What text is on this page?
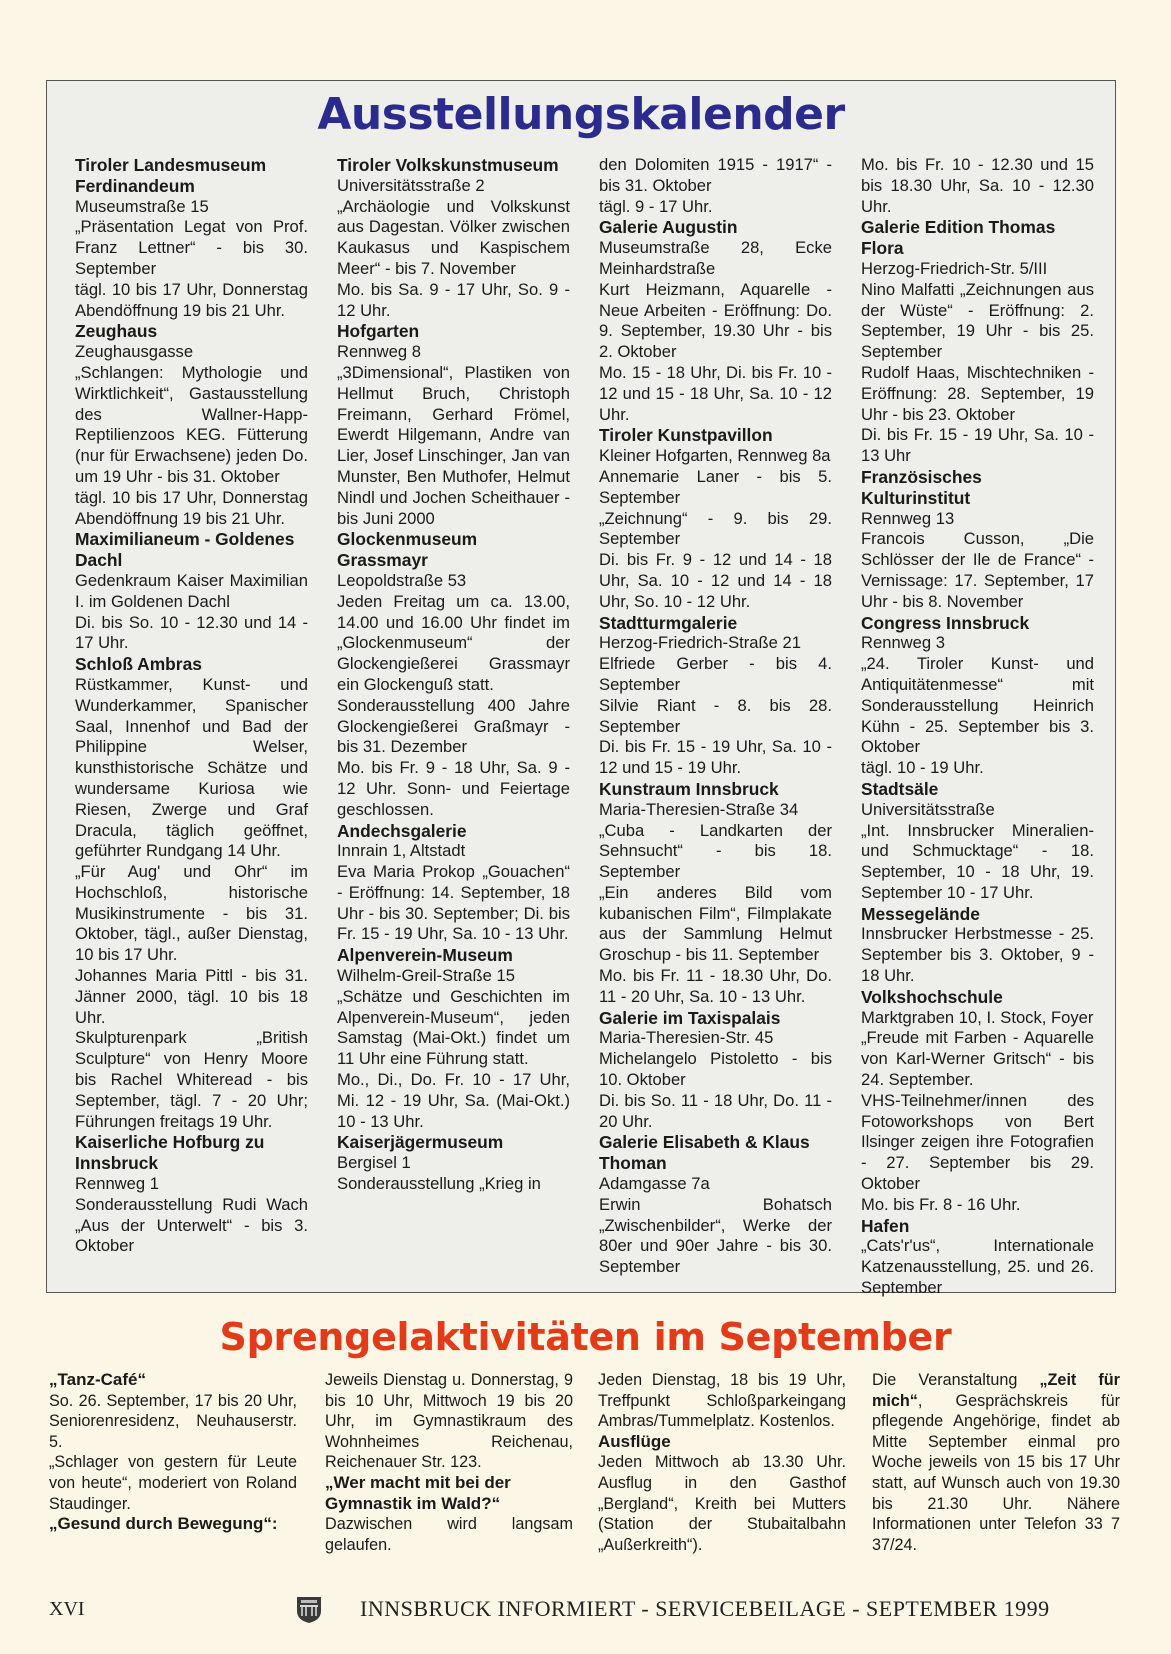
Ausstellungskalender
Tiroler Landesmuseum Ferdinandeum

Museumstraße 15
„Präsentation Legat von Prof. Franz Lettner“ - bis 30. September
tägl. 10 bis 17 Uhr, Donnerstag Abendöffnung 19 bis 21 Uhr.

Zeughaus

Zeughausgasse
„Schlangen: Mythologie und Wirktlichkeit“, Gastausstellung des Wallner-Happ-Reptilienzoos KEG. Fütterung (nur für Erwachsene) jeden Do. um 19 Uhr - bis 31. Oktober
tägl. 10 bis 17 Uhr, Donnerstag Abendöffnung 19 bis 21 Uhr.

Maximilianeum - Goldenes Dachl

Gedenkraum Kaiser Maximilian I. im Goldenen Dachl
Di. bis So. 10 - 12.30 und 14 - 17 Uhr.

Schloß Ambras

Rüstkammer, Kunst- und Wunderkammer, Spanischer Saal, Innenhof und Bad der Philippine Welser, kunsthistorische Schätze und wundersame Kuriosa wie Riesen, Zwerge und Graf Dracula, täglich geöffnet, geführter Rundgang 14 Uhr.
„Für Aug' und Ohr“ im Hochschloß, historische Musikinstrumente - bis 31. Oktober, tägl., außer Dienstag, 10 bis 17 Uhr.
Johannes Maria Pittl - bis 31. Jänner 2000, tägl. 10 bis 18 Uhr.
Skulpturenpark „British Sculpture“ von Henry Moore bis Rachel Whiteread - bis September, tägl. 7 - 20 Uhr; Führungen freitags 19 Uhr.

Kaiserliche Hofburg zu Innsbruck

Rennweg 1
Sonderausstellung Rudi Wach „Aus der Unterwelt“ - bis 3. Oktober

Tiroler Volkskunstmuseum

Universitätsstraße 2
„Archäologie und Volkskunst aus Dagestan. Völker zwischen Kaukasus und Kaspischem Meer“ - bis 7. November
Mo. bis Sa. 9 - 17 Uhr, So. 9 - 12 Uhr.

Hofgarten

Rennweg 8
„3Dimensional“, Plastiken von Hellmut Bruch, Christoph Freimann, Gerhard Frömel, Ewerdt Hilgemann, Andre van Lier, Josef Linschinger, Jan van Munster, Ben Muthofer, Helmut Nindl und Jochen Scheithauer - bis Juni 2000

Glockenmuseum Grassmayr

Leopoldstraße 53
Jeden Freitag um ca. 13.00, 14.00 und 16.00 Uhr findet im „Glockenmuseum“ der Glockengießerei Grassmayr ein Glockenguß statt.
Sonderausstellung 400 Jahre Glockengießerei Graßmayr - bis 31. Dezember
Mo. bis Fr. 9 - 18 Uhr, Sa. 9 - 12 Uhr. Sonn- und Feiertage geschlossen.

Andechsgalerie

Innrain 1, Altstadt
Eva Maria Prokop „Gouachen“ - Eröffnung: 14. September, 18 Uhr - bis 30. September; Di. bis Fr. 15 - 19 Uhr, Sa. 10 - 13 Uhr.

Alpenverein-Museum

Wilhelm-Greil-Straße 15
„Schätze und Geschichten im Alpenverein-Museum“, jeden Samstag (Mai-Okt.) findet um 11 Uhr eine Führung statt.
Mo., Di., Do. Fr. 10 - 17 Uhr, Mi. 12 - 19 Uhr, Sa. (Mai-Okt.) 10 - 13 Uhr.

Kaiserjägermuseum

Bergisel 1
Sonderausstellung „Krieg in

den Dolomiten 1915 - 1917“ - bis 31. Oktober
tägl. 9 - 17 Uhr.

Galerie Augustin

Museumstraße 28, Ecke Meinhardstraße
Kurt Heizmann, Aquarelle - Neue Arbeiten - Eröffnung: Do. 9. September, 19.30 Uhr - bis 2. Oktober
Mo. 15 - 18 Uhr, Di. bis Fr. 10 - 12 und 15 - 18 Uhr, Sa. 10 - 12 Uhr.

Tiroler Kunstpavillon

Kleiner Hofgarten, Rennweg 8a
Annemarie Laner - bis 5. September
„Zeichnung“ - 9. bis 29. September
Di. bis Fr. 9 - 12 und 14 - 18 Uhr, Sa. 10 - 12 und 14 - 18 Uhr, So. 10 - 12 Uhr.

Stadtturmgalerie

Herzog-Friedrich-Straße 21
Elfriede Gerber - bis 4. September
Silvie Riant - 8. bis 28. September
Di. bis Fr. 15 - 19 Uhr, Sa. 10 - 12 und 15 - 19 Uhr.

Kunstraum Innsbruck

Maria-Theresien-Straße 34
„Cuba - Landkarten der Sehnsucht“ - bis 18. September
„Ein anderes Bild vom kubanischen Film“, Filmplakate aus der Sammlung Helmut Groschup - bis 11. September
Mo. bis Fr. 11 - 18.30 Uhr, Do. 11 - 20 Uhr, Sa. 10 - 13 Uhr.

Galerie im Taxispalais

Maria-Theresien-Str. 45
Michelangelo Pistoletto - bis 10. Oktober
Di. bis So. 11 - 18 Uhr, Do. 11 - 20 Uhr.

Galerie Elisabeth & Klaus Thoman

Adamgasse 7a
Erwin Bohatsch „Zwischenbilder“, Werke der 80er und 90er Jahre - bis 30. September

Mo. bis Fr. 10 - 12.30 und 15 bis 18.30 Uhr, Sa. 10 - 12.30 Uhr.

Galerie Edition Thomas Flora

Herzog-Friedrich-Str. 5/III
Nino Malfatti „Zeichnungen aus der Wüste“ - Eröffnung: 2. September, 19 Uhr - bis 25. September
Rudolf Haas, Mischtechniken - Eröffnung: 28. September, 19 Uhr - bis 23. Oktober
Di. bis Fr. 15 - 19 Uhr, Sa. 10 - 13 Uhr

Französisches Kulturinstitut

Rennweg 13
Francois Cusson, „Die Schlösser der Ile de France“ - Vernissage: 17. September, 17 Uhr - bis 8. November

Congress Innsbruck

Rennweg 3
„24. Tiroler Kunst- und Antiquitätenmesse“ mit Sonderausstellung Heinrich Kühn - 25. September bis 3. Oktober
tägl. 10 - 19 Uhr.

Stadtsäle

Universitätsstraße
„Int. Innsbrucker Mineralien- und Schmucktage“ - 18. September, 10 - 18 Uhr, 19. September 10 - 17 Uhr.

Messegelände

Innsbrucker Herbstmesse - 25. September bis 3. Oktober, 9 - 18 Uhr.

Volkshochschule

Marktgraben 10, I. Stock, Foyer
„Freude mit Farben - Aquarelle von Karl-Werner Gritsch“ - bis 24. September.
VHS-Teilnehmer/innen des Fotoworkshops von Bert Ilsinger zeigen ihre Fotografien - 27. September bis 29. Oktober
Mo. bis Fr. 8 - 16 Uhr.

Hafen

„Cats'r'us“, Internationale Katzenausstellung, 25. und 26. September

Sprengelaktivitäten im September
„Tanz-Café“

So. 26. September, 17 bis 20 Uhr, Seniorenresidenz, Neuhauserstr. 5.

„Schlager von gestern für Leute von heute“, moderiert von Roland Staudinger.

„Gesund durch Bewegung“:

Jeweils Dienstag u. Donnerstag, 9 bis 10 Uhr, Mittwoch 19 bis 20 Uhr, im Gymnastikraum des Wohnheimes Reichenau, Reichenauer Str. 123.

„Wer macht mit bei der Gymnastik im Wald?“

Dazwischen wird langsam gelaufen.

Jeden Dienstag, 18 bis 19 Uhr, Treffpunkt Schloßparkeingang Ambras/Tummelplatz. Kostenlos.

Ausflüge

Jeden Mittwoch ab 13.30 Uhr. Ausflug in den Gasthof „Bergland“, Kreith bei Mutters (Station der Stubaitalbahn „Außerkreith“).

Die Veranstaltung „Zeit für mich“, Gesprächskreis für pflegende Angehörige, findet ab Mitte September einmal pro Woche jeweils von 15 bis 17 Uhr statt, auf Wunsch auch von 19.30 bis 21.30 Uhr. Nähere Informationen unter Telefon 33 7 37/24.

XVI	INNSBRUCK INFORMIERT - SERVICEBEILAGE - SEPTEMBER 1999
